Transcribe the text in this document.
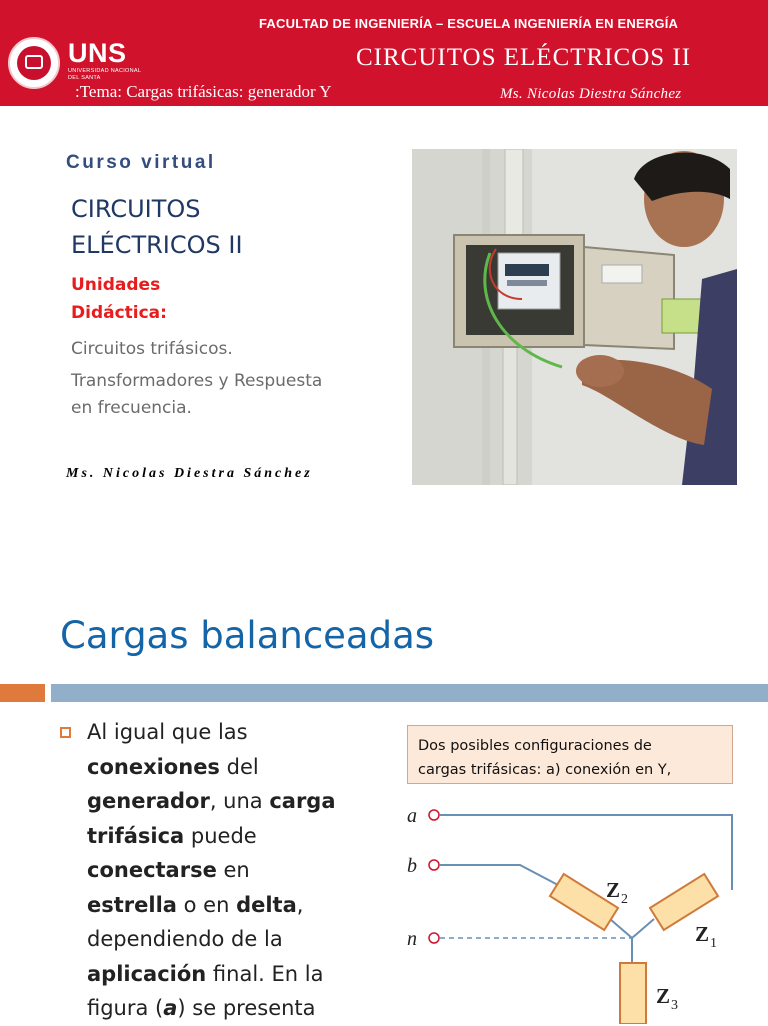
UNS
UNIVERSIDAD NACIONAL DEL SANTA
FACULTAD DE INGENIERÍA – ESCUELA INGENIERÍA EN ENERGÍA
CIRCUITOS ELÉCTRICOS II
:Tema: Cargas trifásicas: generador Y	Ms. Nicolas Diestra Sánchez
Curso virtual
CIRCUITOS
ELÉCTRICOS II
Unidades
Didáctica:
Circuitos trifásicos.
Transformadores y Respuesta
en frecuencia.
Ms. Nicolas Diestra Sánchez
Cargas balanceadas

Al igual que las
conexiones del
generador, una carga
trifásica puede
conectarse en
estrella o en delta,
dependiendo de la
aplicación final. En la
figura (a) se presenta

Dos posibles configuraciones de
cargas trifásicas: a) conexión en Y,
a
b
n
Z 2
Z 1
Z 3
